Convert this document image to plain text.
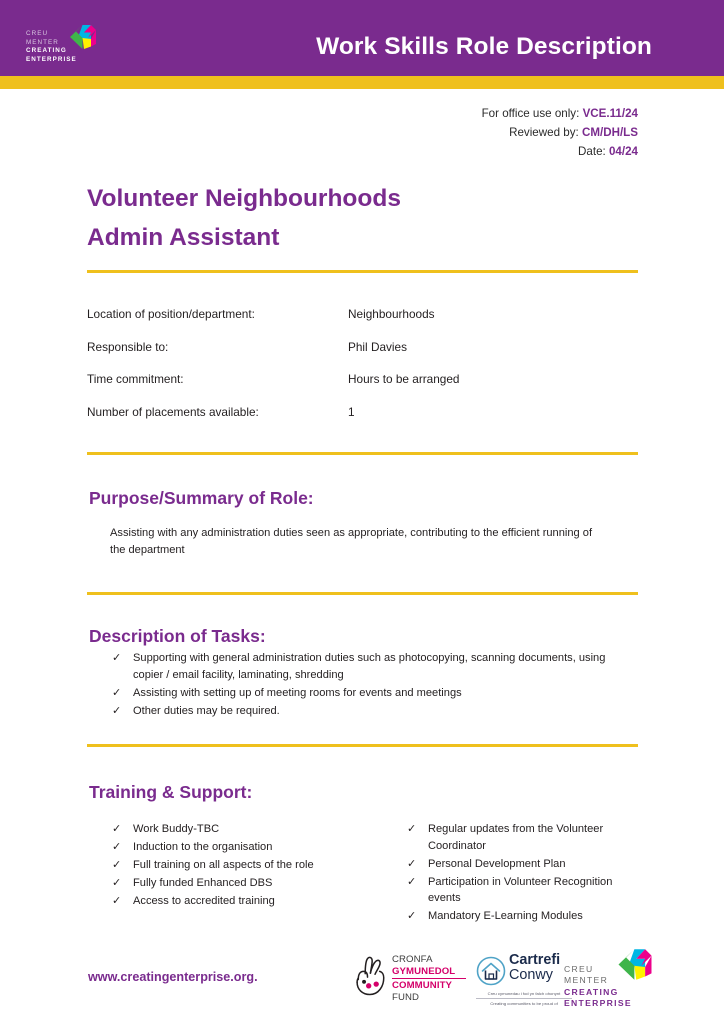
Work Skills Role Description
CREU
MENTER
CREATING
ENTERPRISE
For office use only: VCE.11/24
Reviewed by: CM/DH/LS
Date: 04/24
Volunteer Neighbourhoods
Admin Assistant
Location of position/department:	Neighbourhoods
Responsible to:	Phil Davies
Time commitment:	Hours to be arranged
Number of placements available:	1
Purpose/Summary of Role:
Assisting with any administration duties seen as appropriate, contributing to the efficient running of the department
Description of Tasks:
✓ Supporting with general administration duties such as photocopying, scanning documents, using copier / email facility, laminating, shredding
✓ Assisting with setting up of meeting rooms for events and meetings
✓ Other duties may be required.
Training & Support:
✓ Work Buddy-TBC
✓ Induction to the organisation
✓ Full training on all aspects of the role
✓ Fully funded Enhanced DBS
✓ Access to accredited training
✓ Regular updates from the Volunteer Coordinator
✓ Personal Development Plan
✓ Participation in Volunteer Recognition events
✓ Mandatory E-Learning Modules
www.creatingenterprise.org.
CRONFA
GYMUNEDOL
COMMUNITY
FUND
Cartrefi
Conwy
Creu cymunedau i fod yn falch ohonynt
Creating communities to be proud of
CREU
MENTER
CREATING
ENTERPRISE
